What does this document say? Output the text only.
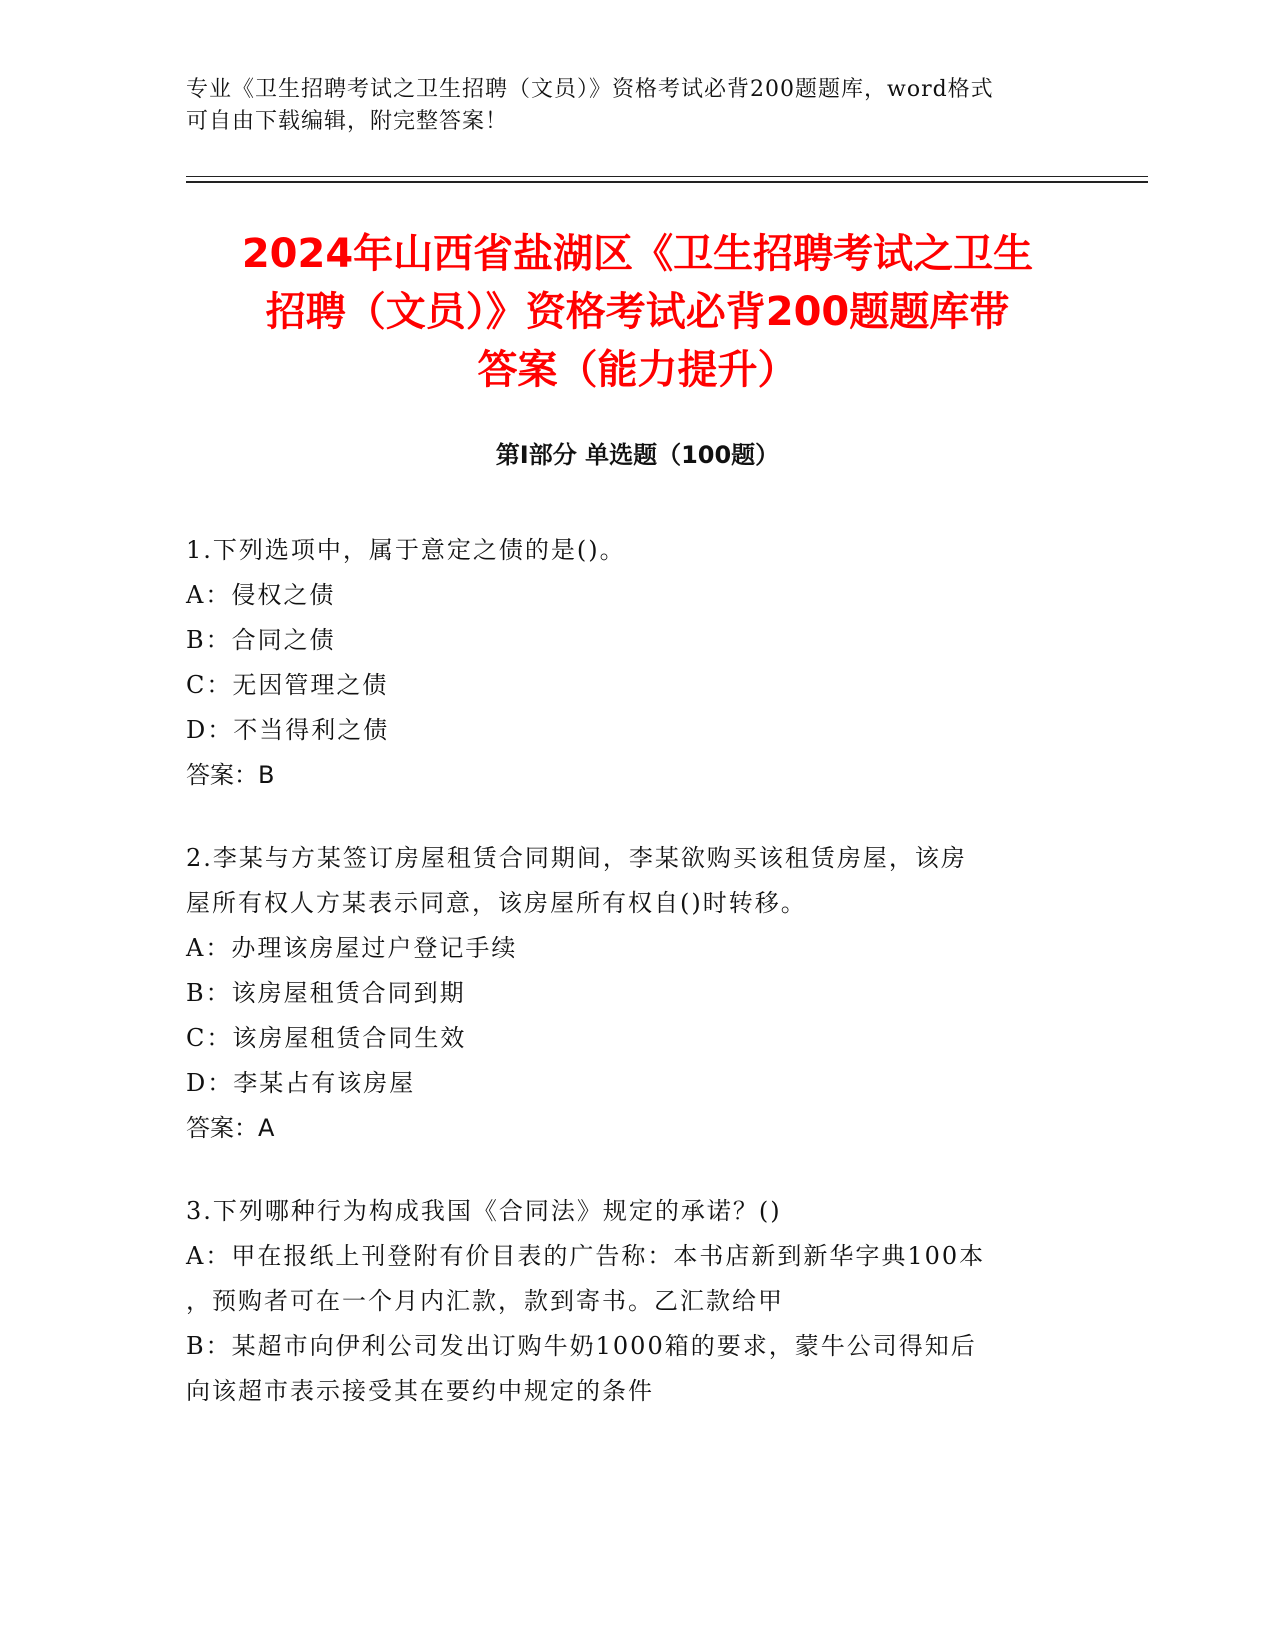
专业《卫生招聘考试之卫生招聘（文员）》资格考试必背200题题库，word格式
可自由下载编辑，附完整答案！
2024年山西省盐湖区《卫生招聘考试之卫生
招聘（文员）》资格考试必背200题题库带
答案（能力提升）
第I部分 单选题（100题）
1.下列选项中，属于意定之债的是()。
A：侵权之债
B：合同之债
C：无因管理之债
D：不当得利之债
答案：B
2.李某与方某签订房屋租赁合同期间，李某欲购买该租赁房屋，该房
屋所有权人方某表示同意，该房屋所有权自()时转移。
A：办理该房屋过户登记手续
B：该房屋租赁合同到期
C：该房屋租赁合同生效
D：李某占有该房屋
答案：A
3.下列哪种行为构成我国《合同法》规定的承诺？()
A：甲在报纸上刊登附有价目表的广告称：本书店新到新华字典100本
，预购者可在一个月内汇款，款到寄书。乙汇款给甲
B：某超市向伊利公司发出订购牛奶1000箱的要求，蒙牛公司得知后
向该超市表示接受其在要约中规定的条件
